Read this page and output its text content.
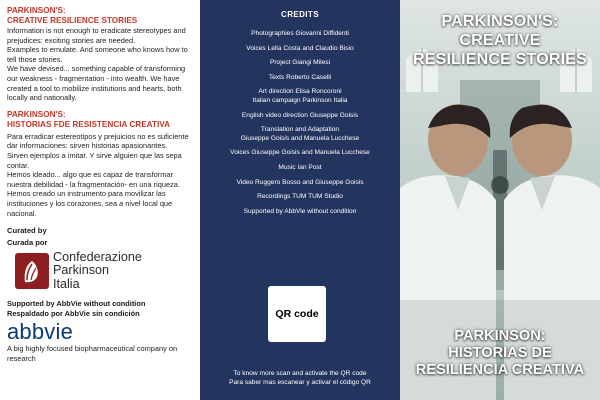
PARKINSON'S:
CREATIVE RESILIENCE STORIES

Information is not enough to eradicate stereotypes and prejudices: exciting stories are needed.

Examples to emulate. And someone who knows how to tell those stories.

We have devised... something capable of transforming our weakness - fragmentation - into wealth. We have created a tool to mobilize institutions and hearts, both locally and nationally.

PARKINSON'S:
HISTORIAS FDE RESISTENCIA CREATIVA

Para erradicar estereotipos y prejuicios no es suficiente dar informaciones: sirven historias apasionantes.

Sirven ejemplos a imitar. Y sirve alguien que las sepa contar.

Hemos ideado... algo que es capaz de transformar nuestra debilidad - la fragmentación- en una riqueza. Hemos creado un instrumento para movilizar las instituciones y los corazones, sea a nivel local que nacional.

Curated by
Curada por
Confederazione
Parkinson
Italia
Supported by AbbVie without condition
Respaldado por AbbVie sin condición
abbvie
A big highly focused biopharmaceutical company on research
CREDITS
Photographies Giovanni Diffidenti
Voices Lella Costa and Claudio Bisio
Project Giangi Milesi
Texts Roberto Caselli
Art direction Elisa Roncoroni
Italian campaign Parkinson Italia
English video direction Giuseppe Goisis
Translation and Adaptation
Giuseppe Goisis and Manuela Lucchese
Voices Giuseppe Goisis and Manuela Lucchese
Music Ian Post
Video Ruggero Bosso and Giuseppe Goisis
Recordings TUM TUM Studio
Supported by AbbVie without condition
QR code
To know more scan and activate the QR code
Para saber mas escanear y activar el código QR
PARKINSON'S:
CREATIVE
RESILIENCE STORIES
PARKINSON:
HISTORIAS DE
RESILIENCIA CREATIVA
